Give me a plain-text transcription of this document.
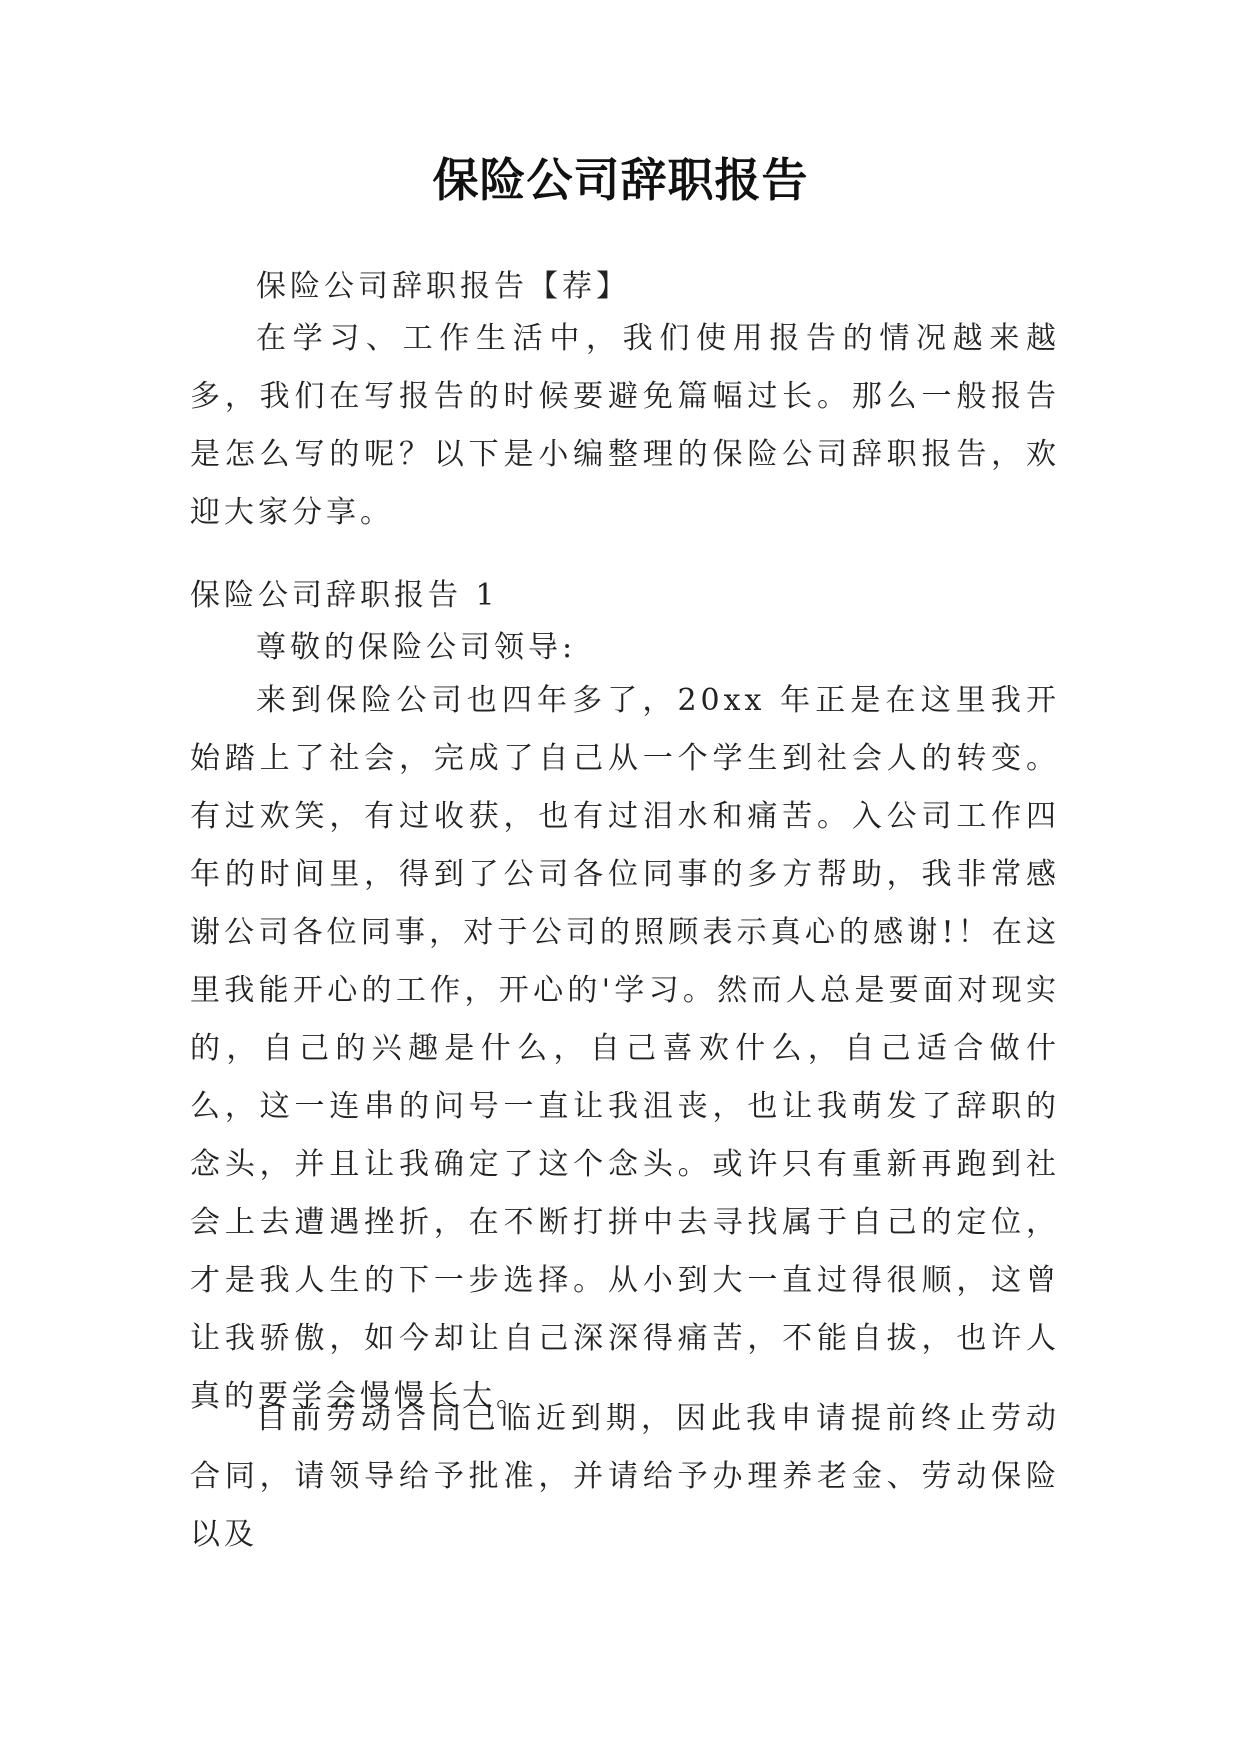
保险公司辞职报告
保险公司辞职报告【荐】
在学习、工作生活中，我们使用报告的情况越来越多，我们在写报告的时候要避免篇幅过长。那么一般报告是怎么写的呢？以下是小编整理的保险公司辞职报告，欢迎大家分享。
保险公司辞职报告 1
尊敬的保险公司领导:
来到保险公司也四年多了，20xx 年正是在这里我开始踏上了社会，完成了自己从一个学生到社会人的转变。有过欢笑，有过收获，也有过泪水和痛苦。入公司工作四年的时间里，得到了公司各位同事的多方帮助，我非常感谢公司各位同事，对于公司的照顾表示真心的感谢!！在这里我能开心的工作，开心的'学习。然而人总是要面对现实的，自己的兴趣是什么，自己喜欢什么，自己适合做什么，这一连串的问号一直让我沮丧，也让我萌发了辞职的念头，并且让我确定了这个念头。或许只有重新再跑到社会上去遭遇挫折，在不断打拼中去寻找属于自己的定位，才是我人生的下一步选择。从小到大一直过得很顺，这曾让我骄傲，如今却让自己深深得痛苦，不能自拔，也许人真的要学会慢慢长大。
目前劳动合同已临近到期，因此我申请提前终止劳动合同，请领导给予批准，并请给予办理养老金、劳动保险以及
